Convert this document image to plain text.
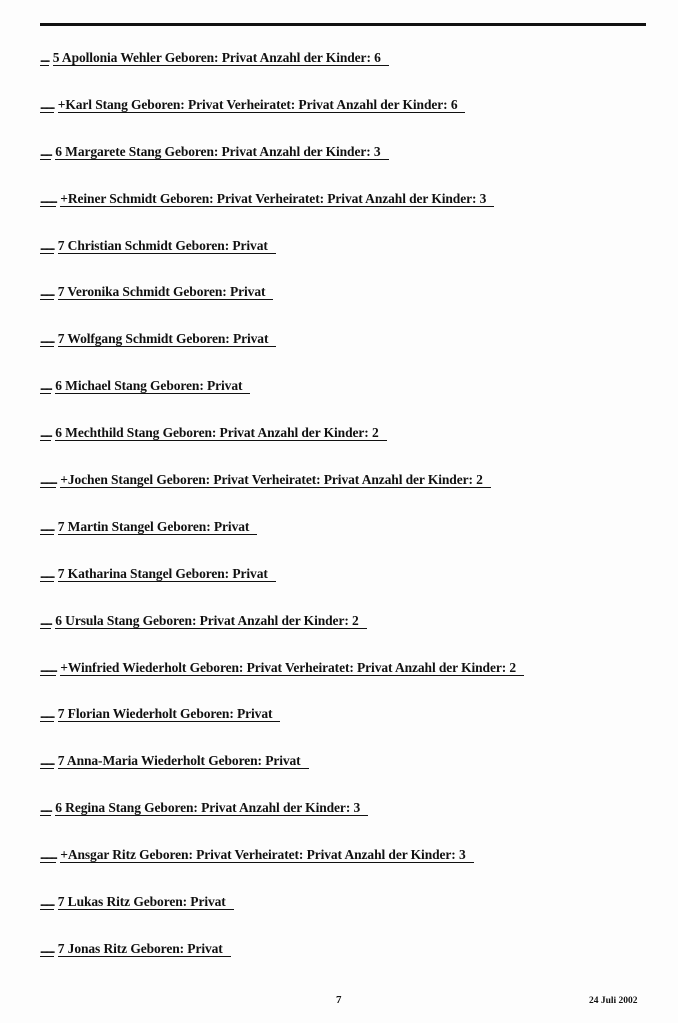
....... 5 Apollonia Wehler Geboren: Privat Anzahl der Kinder: 6
........... +Karl Stang Geboren: Privat Verheiratet: Privat Anzahl der Kinder: 6
......... 6 Margarete Stang Geboren: Privat Anzahl der Kinder: 3
............. +Reiner Schmidt Geboren: Privat Verheiratet: Privat Anzahl der Kinder: 3
........... 7 Christian Schmidt Geboren: Privat
........... 7 Veronika Schmidt Geboren: Privat
........... 7 Wolfgang Schmidt Geboren: Privat
......... 6 Michael Stang Geboren: Privat
......... 6 Mechthild Stang Geboren: Privat Anzahl der Kinder: 2
............. +Jochen Stangel Geboren: Privat Verheiratet: Privat Anzahl der Kinder: 2
........... 7 Martin Stangel Geboren: Privat
........... 7 Katharina Stangel Geboren: Privat
......... 6 Ursula Stang Geboren: Privat Anzahl der Kinder: 2
............. +Winfried Wiederholt Geboren: Privat Verheiratet: Privat Anzahl der Kinder: 2
........... 7 Florian Wiederholt Geboren: Privat
........... 7 Anna-Maria Wiederholt Geboren: Privat
......... 6 Regina Stang Geboren: Privat Anzahl der Kinder: 3
............. +Ansgar Ritz Geboren: Privat Verheiratet: Privat Anzahl der Kinder: 3
........... 7 Lukas Ritz Geboren: Privat
........... 7 Jonas Ritz Geboren: Privat
7	24 Juli 2002
